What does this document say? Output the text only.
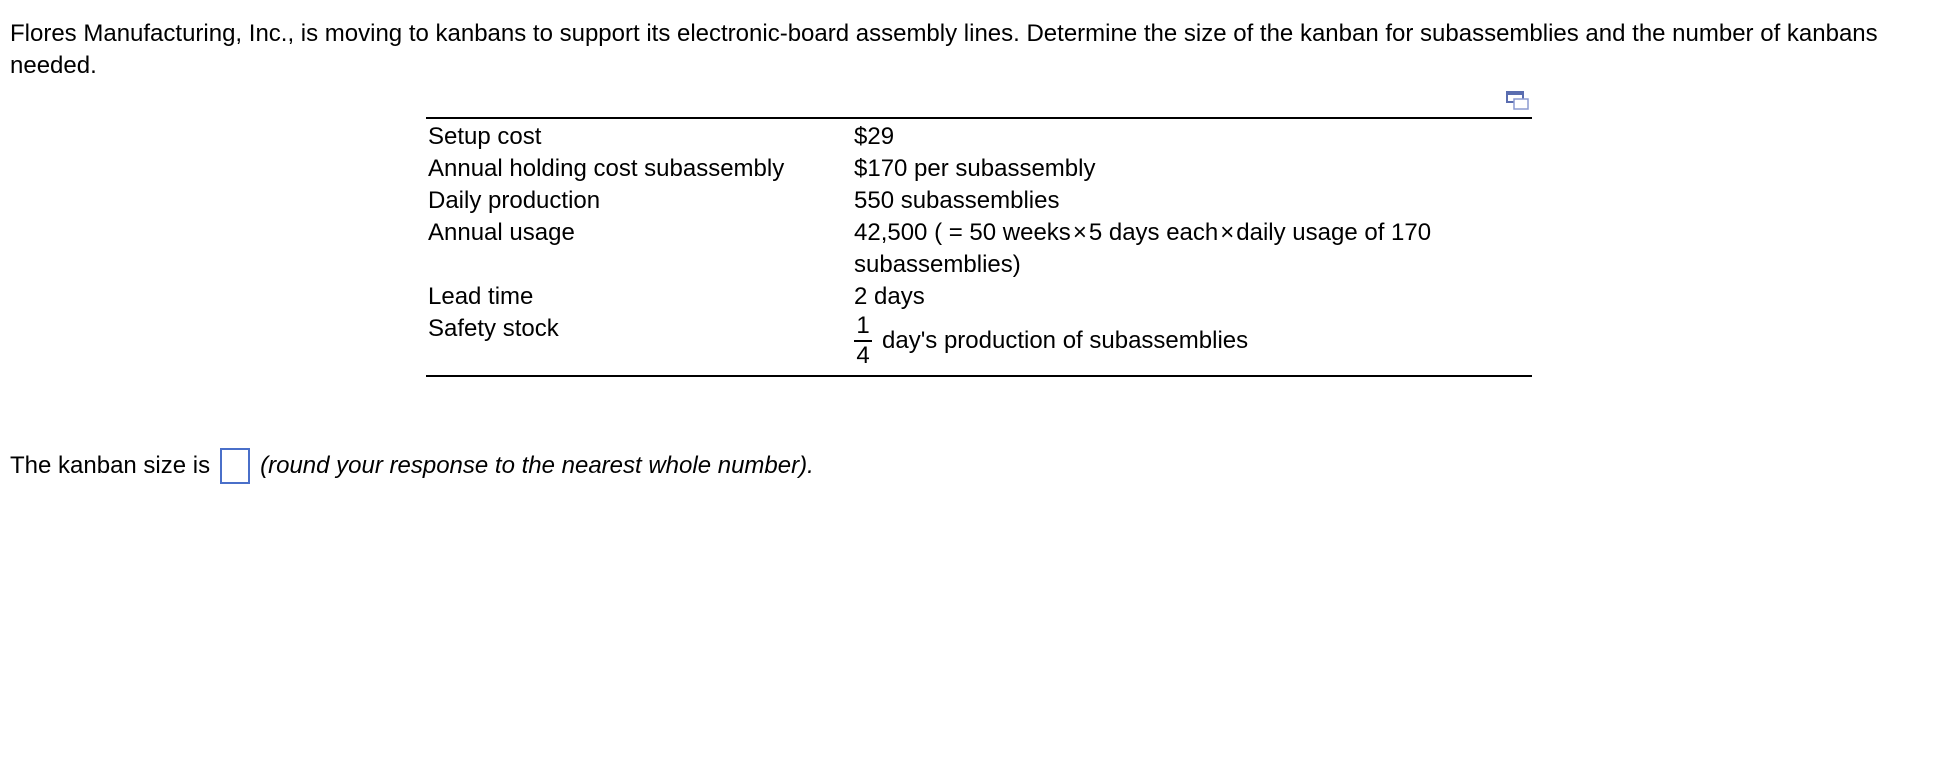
Flores Manufacturing, Inc., is moving to kanbans to support its electronic-board assembly lines. Determine the size of the kanban for subassemblies and the number of kanbans needed.
Setup cost	$29
Annual holding cost subassembly	$170 per subassembly
Daily production	550 subassemblies
Annual usage	42,500 ( = 50 weeks×5 days each×daily usage of 170 subassemblies)
Lead time	2 days
Safety stock	$\frac{1}{4} day's$ production of subassemblies
The kanban size is (round your response to the nearest whole number).
